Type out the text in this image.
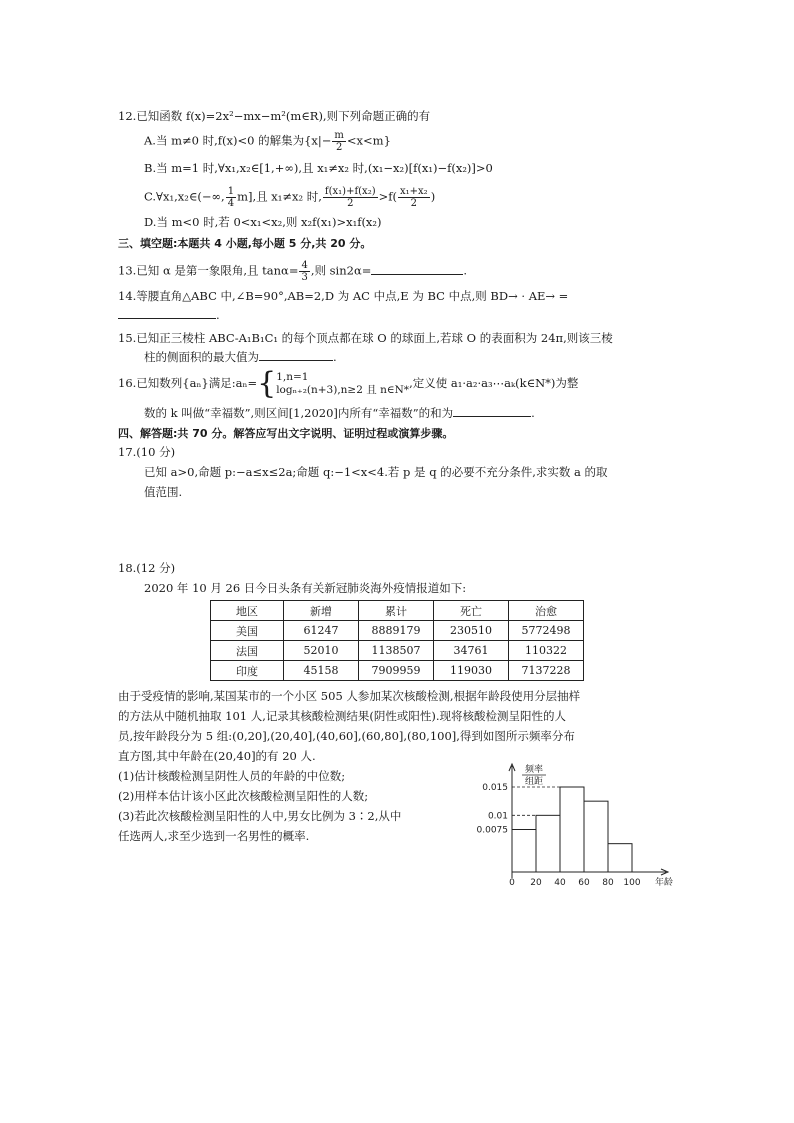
12.已知函数 f(x)=2x²−mx−m²(m∈R),则下列命题正确的有
A.当 m≠0 时,f(x)<0 的解集为$\{x|- \frac{m}{2} <x<m\}$
B.当 m=1 时,∀x₁,x₂∈[1,+∞),且 x₁≠x₂ 时,(x₁−x₂)[f(x₁)−f(x₂)]>0
C.∀x₁,x₂∈(−∞, $\frac{1}{4} m$],且 x₁≠x₂ 时, $\frac{\text{f(x₁)+f(x₂)}}{2} >f( \frac{\text{x₁+x₂}}{2}$ )
D.当 m<0 时,若 0<x₁<x₂,则 x₂f(x₁)>x₁f(x₂)
三、填空题:本题共 4 小题,每小题 5 分,共 20 分。
13.已知 α 是第一象限角,且 $\tan\alpha= \frac{4}{3}$ ,则 sin2α=	.
14.等腰直角△ABC 中,∠B=90°,AB=2,D 为 AC 中点,E 为 BC 中点,则 BD→ · AE→ =
.
15.已知正三棱柱 ABC-A₁B₁C₁ 的每个顶点都在球 O 的球面上,若球 O 的表面积为 24π,则该三棱
柱的侧面积的最大值为	.
16.已知数列{aₙ}满足:aₙ={ 1,n=1
logₙ₊₂(n+3),n≥2 且 n∈N* ,定义使 a₁·a₂·a₃⋯aₖ(k∈N*)为整
数的 k 叫做“幸福数”,则区间[1,2020]内所有“幸福数”的和为	.
四、解答题:共 70 分。解答应写出文字说明、证明过程或演算步骤。
17.(10 分)
已知 a>0,命题 p:−a≤x≤2a;命题 q:−1<x<4.若 p 是 q 的必要不充分条件,求实数 a 的取
值范围.
18.(12 分)
2020 年 10 月 26 日今日头条有关新冠肺炎海外疫情报道如下:
地区	新增	累计	死亡	治愈
美国	61247	8889179	230510	5772498
法国	52010	1138507	34761	110322
印度	45158	7909959	119030	7137228
由于受疫情的影响,某国某市的一个小区 505 人参加某次核酸检测,根据年龄段使用分层抽样
的方法从中随机抽取 101 人,记录其核酸检测结果(阴性或阳性).现将核酸检测呈阳性的人
员,按年龄段分为 5 组:(0,20],(20,40],(40,60],(60,80],(80,100],得到如图所示频率分布
直方图,其中年龄在(20,40]的有 20 人.
(1)估计核酸检测呈阴性人员的年龄的中位数;
(2)用样本估计该小区此次核酸检测呈阳性的人数;
(3)若此次核酸检测呈阳性的人中,男女比例为 3∶2,从中
任选两人,求至少选到一名男性的概率.
频率
组距
年龄
0.0075
0.01
0.015
0 20 40 60 80 100
